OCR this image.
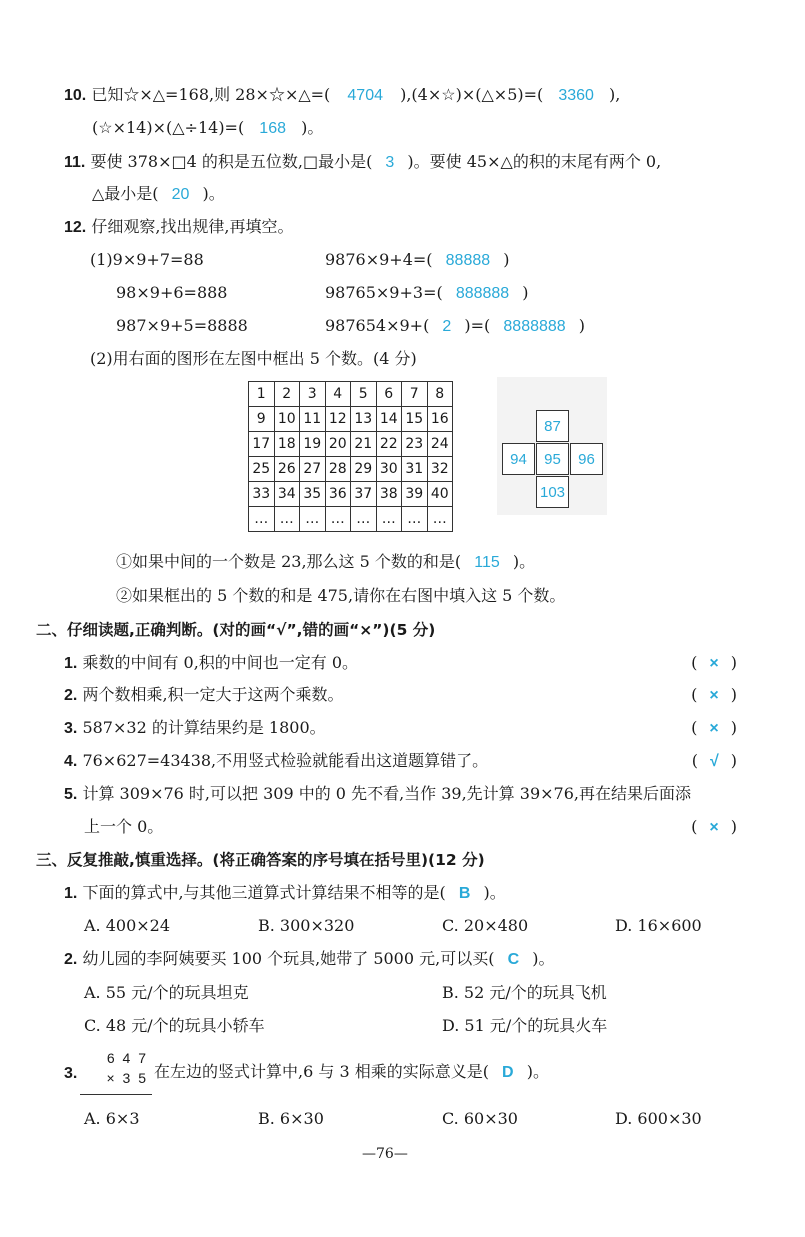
10. 已知☆×△=168,则 28×☆×△=( 4704 ),(4×☆)×(△×5)=( 3360 ),
(☆×14)×(△÷14)=( 168 )。
11. 要使 378×□4 的积是五位数,□最小是( 3 )。要使 45×△的积的末尾有两个 0,
△最小是( 20 )。
12. 仔细观察,找出规律,再填空。
(1)9×9+7=88
98×9+6=888
987×9+5=8888
9876×9+4=( 88888 )
98765×9+3=( 888888 )
987654×9+( 2 )=( 8888888 )
(2)用右面的图形在左图中框出 5 个数。(4 分)
1	2	3	4	5	6	7	8
9	10	11	12	13	14	15	16
17	18	19	20	21	22	23	24
25	26	27	28	29	30	31	32
33	34	35	36	37	38	39	40
…	…	…	…	…	…	…	…
87
94	95	96
103
①如果中间的一个数是 23,那么这 5 个数的和是( 115 )。
②如果框出的 5 个数的和是 475,请你在右图中填入这 5 个数。
二、仔细读题,正确判断。(对的画“√”,错的画“×”)(5 分)
1. 乘数的中间有 0,积的中间也一定有 0。	( × )
2. 两个数相乘,积一定大于这两个乘数。	( × )
3. 587×32 的计算结果约是 1800。	( × )
4. 76×627=43438,不用竖式检验就能看出这道题算错了。	( √ )
5. 计算 309×76 时,可以把 309 中的 0 先不看,当作 39,先计算 39×76,再在结果后面添
上一个 0。	( × )
三、反复推敲,慎重选择。(将正确答案的序号填在括号里)(12 分)
1. 下面的算式中,与其他三道算式计算结果不相等的是( B )。
A. 400×24	B. 300×320	C. 20×480	D. 16×600
2. 幼儿园的李阿姨要买 100 个玩具,她带了 5000 元,可以买( C )。
A. 55 元/个的玩具坦克	B. 52 元/个的玩具飞机
C. 48 元/个的玩具小轿车	D. 51 元/个的玩具火车
3.
6 4 7
× 3 5 在左边的竖式计算中,6 与 3 相乘的实际意义是( D )。
A. 6×3	B. 6×30	C. 60×30	D. 600×30
—76—
